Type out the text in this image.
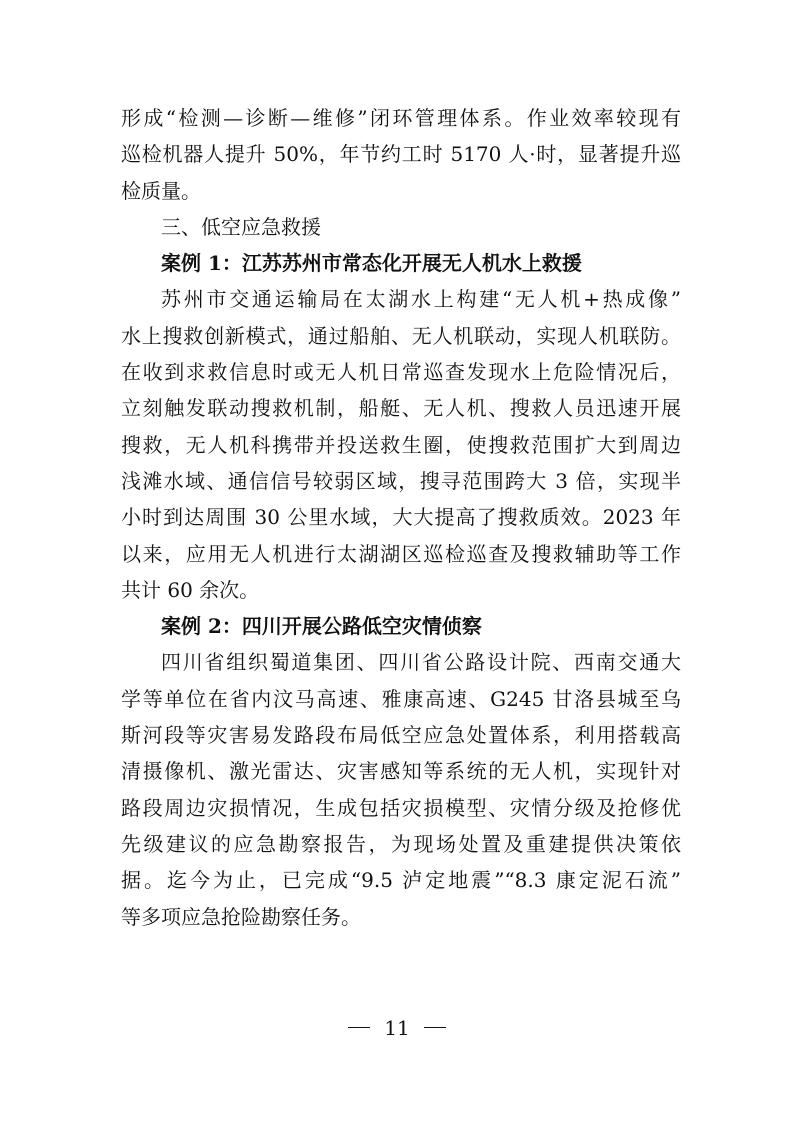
形成“检测—诊断—维修”闭环管理体系。作业效率较现有
巡检机器人提升 50%，年节约工时 5170 人·时，显著提升巡
检质量。
三、低空应急救援
案例 1：江苏苏州市常态化开展无人机水上救援
苏州市交通运输局在太湖水上构建“无人机+热成像”
水上搜救创新模式，通过船舶、无人机联动，实现人机联防。
在收到求救信息时或无人机日常巡查发现水上危险情况后，
立刻触发联动搜救机制，船艇、无人机、搜救人员迅速开展
搜救，无人机科携带并投送救生圈，使搜救范围扩大到周边
浅滩水域、通信信号较弱区域，搜寻范围跨大 3 倍，实现半
小时到达周围 30 公里水域，大大提高了搜救质效。2023 年
以来，应用无人机进行太湖湖区巡检巡查及搜救辅助等工作
共计 60 余次。
案例 2：四川开展公路低空灾情侦察
四川省组织蜀道集团、四川省公路设计院、西南交通大
学等单位在省内汶马高速、雅康高速、G245 甘洛县城至乌
斯河段等灾害易发路段布局低空应急处置体系，利用搭载高
清摄像机、激光雷达、灾害感知等系统的无人机，实现针对
路段周边灾损情况，生成包括灾损模型、灾情分级及抢修优
先级建议的应急勘察报告，为现场处置及重建提供决策依
据。迄今为止，已完成“9.5 泸定地震”“8.3 康定泥石流”
等多项应急抢险勘察任务。
11
